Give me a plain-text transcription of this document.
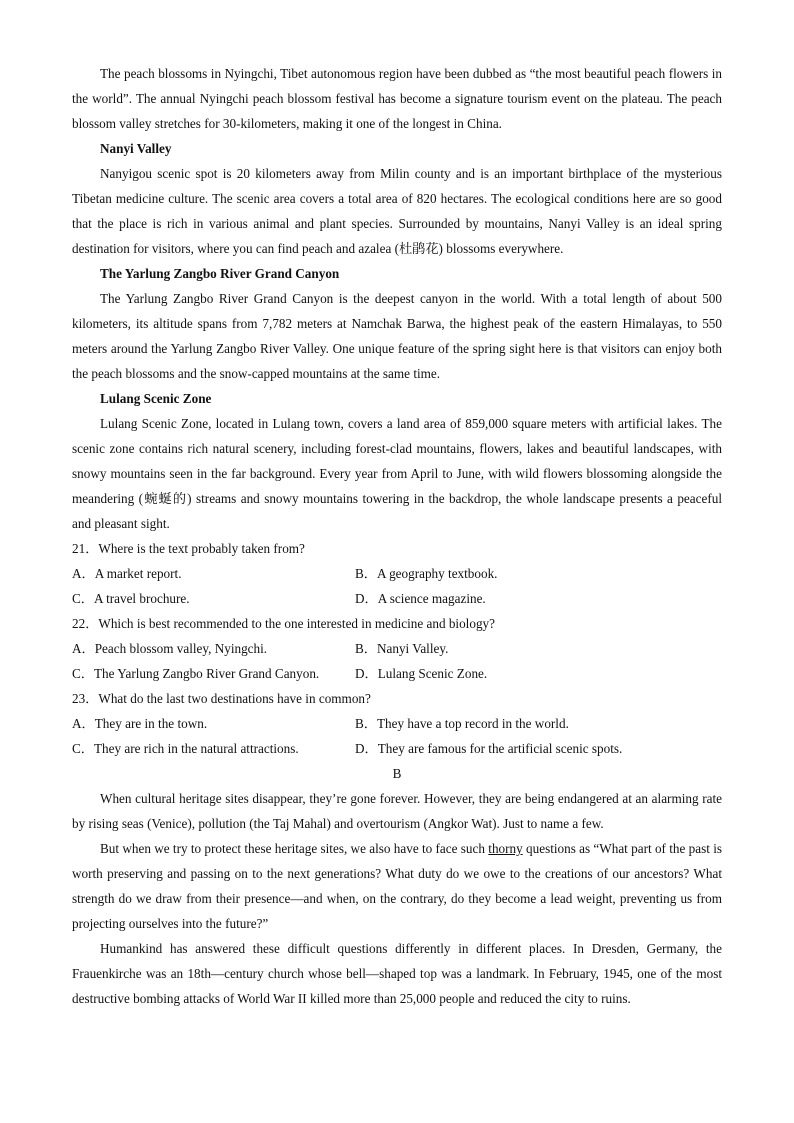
The peach blossoms in Nyingchi, Tibet autonomous region have been dubbed as “the most beautiful peach flowers in the world”. The annual Nyingchi peach blossom festival has become a signature tourism event on the plateau. The peach blossom valley stretches for 30-kilometers, making it one of the longest in China.

Nanyi Valley

Nanyigou scenic spot is 20 kilometers away from Milin county and is an important birthplace of the mysterious Tibetan medicine culture. The scenic area covers a total area of 820 hectares. The ecological conditions here are so good that the place is rich in various animal and plant species. Surrounded by mountains, Nanyi Valley is an ideal spring destination for visitors, where you can find peach and azalea (杜鹃花) blossoms everywhere.

The Yarlung Zangbo River Grand Canyon

The Yarlung Zangbo River Grand Canyon is the deepest canyon in the world. With a total length of about 500 kilometers, its altitude spans from 7,782 meters at Namchak Barwa, the highest peak of the eastern Himalayas, to 550 meters around the Yarlung Zangbo River Valley. One unique feature of the spring sight here is that visitors can enjoy both the peach blossoms and the snow-capped mountains at the same time.

Lulang Scenic Zone

Lulang Scenic Zone, located in Lulang town, covers a land area of 859,000 square meters with artificial lakes. The scenic zone contains rich natural scenery, including forest-clad mountains, flowers, lakes and beautiful landscapes, with snowy mountains seen in the far background. Every year from April to June, with wild flowers blossoming alongside the meandering (蜿蜒的) streams and snowy mountains towering in the backdrop, the whole landscape presents a peaceful and pleasant sight.

21．Where is the text probably taken from?

A．A market report.	B．A geography textbook.
C．A travel brochure.	D．A science magazine.

22．Which is best recommended to the one interested in medicine and biology?

A．Peach blossom valley, Nyingchi.	B．Nanyi Valley.
C．The Yarlung Zangbo River Grand Canyon.	D．Lulang Scenic Zone.

23．What do the last two destinations have in common?

A．They are in the town.	B．They have a top record in the world.
C．They are rich in the natural attractions.	D．They are famous for the artificial scenic spots.
B

When cultural heritage sites disappear, they’re gone forever. However, they are being endangered at an alarming rate by rising seas (Venice), pollution (the Taj Mahal) and overtourism (Angkor Wat). Just to name a few.

But when we try to protect these heritage sites, we also have to face such thorny questions as “What part of the past is worth preserving and passing on to the next generations? What duty do we owe to the creations of our ancestors? What strength do we draw from their presence—and when, on the contrary, do they become a lead weight, preventing us from projecting ourselves into the future?”

Humankind has answered these difficult questions differently in different places. In Dresden, Germany, the Frauenkirche was an 18th—century church whose bell—shaped top was a landmark. In February, 1945, one of the most destructive bombing attacks of World War II killed more than 25,000 people and reduced the city to ruins.
